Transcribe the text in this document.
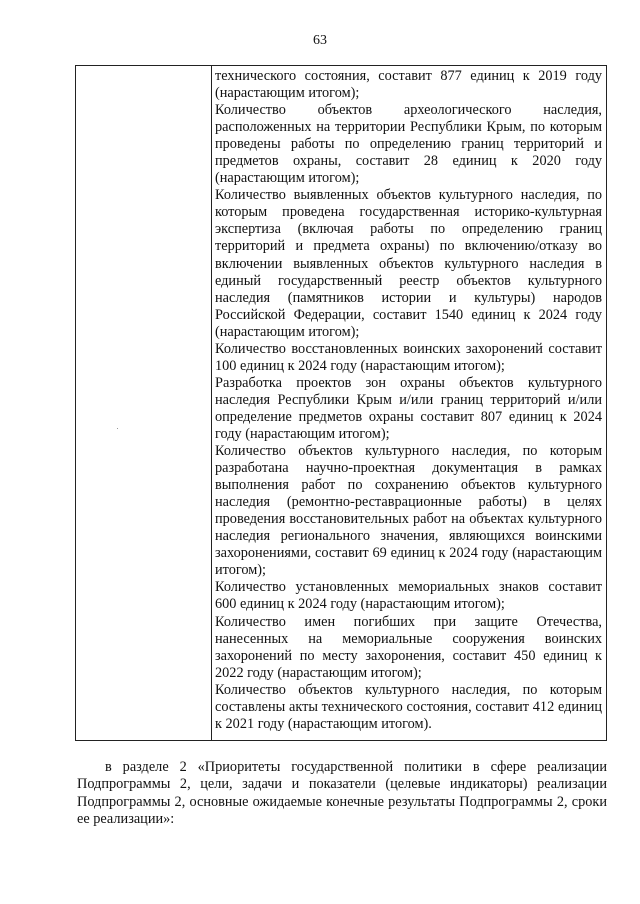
63

технического состояния, составит 877 единиц к 2019 году (нарастающим итогом);

Количество объектов археологического наследия, расположенных на территории Республики Крым, по которым проведены работы по определению границ территорий и предметов охраны, составит 28 единиц к 2020 году (нарастающим итогом);

Количество выявленных объектов культурного наследия, по которым проведена государственная историко-культурная экспертиза (включая работы по определению границ территорий и предмета охраны) по включению/отказу во включении выявленных объектов культурного наследия в единый государственный реестр объектов культурного наследия (памятников истории и культуры) народов Российской Федерации, составит 1540 единиц к 2024 году (нарастающим итогом);

Количество восстановленных воинских захоронений составит 100 единиц к 2024 году (нарастающим итогом);

Разработка проектов зон охраны объектов культурного наследия Республики Крым и/или границ территорий и/или определение предметов охраны составит 807 единиц к 2024 году (нарастающим итогом);

Количество объектов культурного наследия, по которым разработана научно-проектная документация в рамках выполнения работ по сохранению объектов культурного наследия (ремонтно-реставрационные работы) в целях проведения восстановительных работ на объектах культурного наследия регионального значения, являющихся воинскими захоронениями, составит 69 единиц к 2024 году (нарастающим итогом);

Количество установленных мемориальных знаков составит 600 единиц к 2024 году (нарастающим итогом);

Количество имен погибших при защите Отечества, нанесенных на мемориальные сооружения воинских захоронений по месту захоронения, составит 450 единиц к 2022 году (нарастающим итогом);

Количество объектов культурного наследия, по которым составлены акты технического состояния, составит 412 единиц к 2021 году (нарастающим итогом).

в разделе 2 «Приоритеты государственной политики в сфере реализации Подпрограммы 2, цели, задачи и показатели (целевые индикаторы) реализации Подпрограммы 2, основные ожидаемые конечные результаты Подпрограммы 2, сроки ее реализации»:
